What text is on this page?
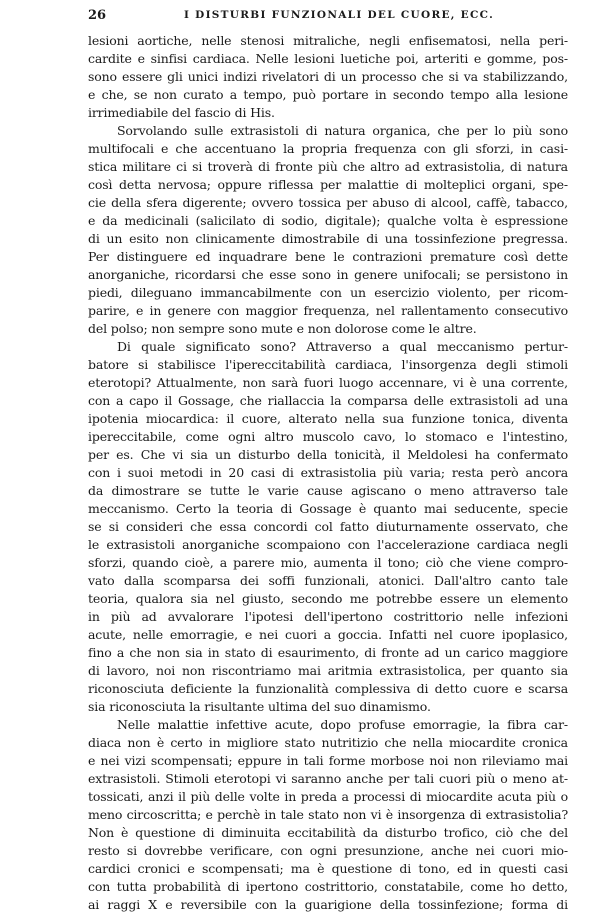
26	I DISTURBI FUNZIONALI DEL CUORE, ECC.
lesioni aortiche, nelle stenosi mitraliche, negli enfisematosi, nella peri-
cardite e sinfisi cardiaca. Nelle lesioni luetiche poi, arteriti e gomme, pos-
sono essere gli unici indizi rivelatori di un processo che si va stabilizzando,
e che, se non curato a tempo, può portare in secondo tempo alla lesione
irrimediabile del fascio di His.
Sorvolando sulle extrasistoli di natura organica, che per lo più sono
multifocali e che accentuano la propria frequenza con gli sforzi, in casi-
stica militare ci si troverà di fronte più che altro ad extrasistolia, di natura
così detta nervosa; oppure riflessa per malattie di molteplici organi, spe-
cie della sfera digerente; ovvero tossica per abuso di alcool, caffè, tabacco,
e da medicinali (salicilato di sodio, digitale); qualche volta è espressione
di un esito non clinicamente dimostrabile di una tossinfezione pregressa.
Per distinguere ed inquadrare bene le contrazioni premature così dette
anorganiche, ricordarsi che esse sono in genere unifocali; se persistono in
piedi, dileguano immancabilmente con un esercizio violento, per ricom-
parire, e in genere con maggior frequenza, nel rallentamento consecutivo
del polso; non sempre sono mute e non dolorose come le altre.
Di quale significato sono? Attraverso a qual meccanismo pertur-
batore si stabilisce l'ipereccitabilità cardiaca, l'insorgenza degli stimoli
eterotopi? Attualmente, non sarà fuori luogo accennare, vi è una corrente,
con a capo il Gossage, che riallaccia la comparsa delle extrasistoli ad una
ipotenia miocardica: il cuore, alterato nella sua funzione tonica, diventa
ipereccitabile, come ogni altro muscolo cavo, lo stomaco e l'intestino,
per es. Che vi sia un disturbo della tonicità, il Meldolesi ha confermato
con i suoi metodi in 20 casi di extrasistolia più varia; resta però ancora
da dimostrare se tutte le varie cause agiscano o meno attraverso tale
meccanismo. Certo la teoria di Gossage è quanto mai seducente, specie
se si consideri che essa concordi col fatto diuturnamente osservato, che
le extrasistoli anorganiche scompaiono con l'accelerazione cardiaca negli
sforzi, quando cioè, a parere mio, aumenta il tono; ciò che viene compro-
vato dalla scomparsa dei soffi funzionali, atonici. Dall'altro canto tale
teoria, qualora sia nel giusto, secondo me potrebbe essere un elemento
in più ad avvalorare l'ipotesi dell'ipertono costrittorio nelle infezioni
acute, nelle emorragie, e nei cuori a goccia. Infatti nel cuore ipoplasico,
fino a che non sia in stato di esaurimento, di fronte ad un carico maggiore
di lavoro, noi non riscontriamo mai aritmia extrasistolica, per quanto sia
riconosciuta deficiente la funzionalità complessiva di detto cuore e scarsa
sia riconosciuta la risultante ultima del suo dinamismo.
Nelle malattie infettive acute, dopo profuse emorragie, la fibra car-
diaca non è certo in migliore stato nutritizio che nella miocardite cronica
e nei vizi scompensati; eppure in tali forme morbose noi non rileviamo mai
extrasistoli. Stimoli eterotopi vi saranno anche per tali cuori più o meno at-
tossicati, anzi il più delle volte in preda a processi di miocardite acuta più o
meno circoscritta; e perchè in tale stato non vi è insorgenza di extrasistolia?
Non è questione di diminuita eccitabilità da disturbo trofico, ciò che del
resto si dovrebbe verificare, con ogni presunzione, anche nei cuori mio-
cardici cronici e scompensati; ma è questione di tono, ed in questi casi
con tutta probabilità di ipertono costrittorio, constatabile, come ho detto,
ai raggi X e reversibile con la guarigione della tossinfezione; forma di
